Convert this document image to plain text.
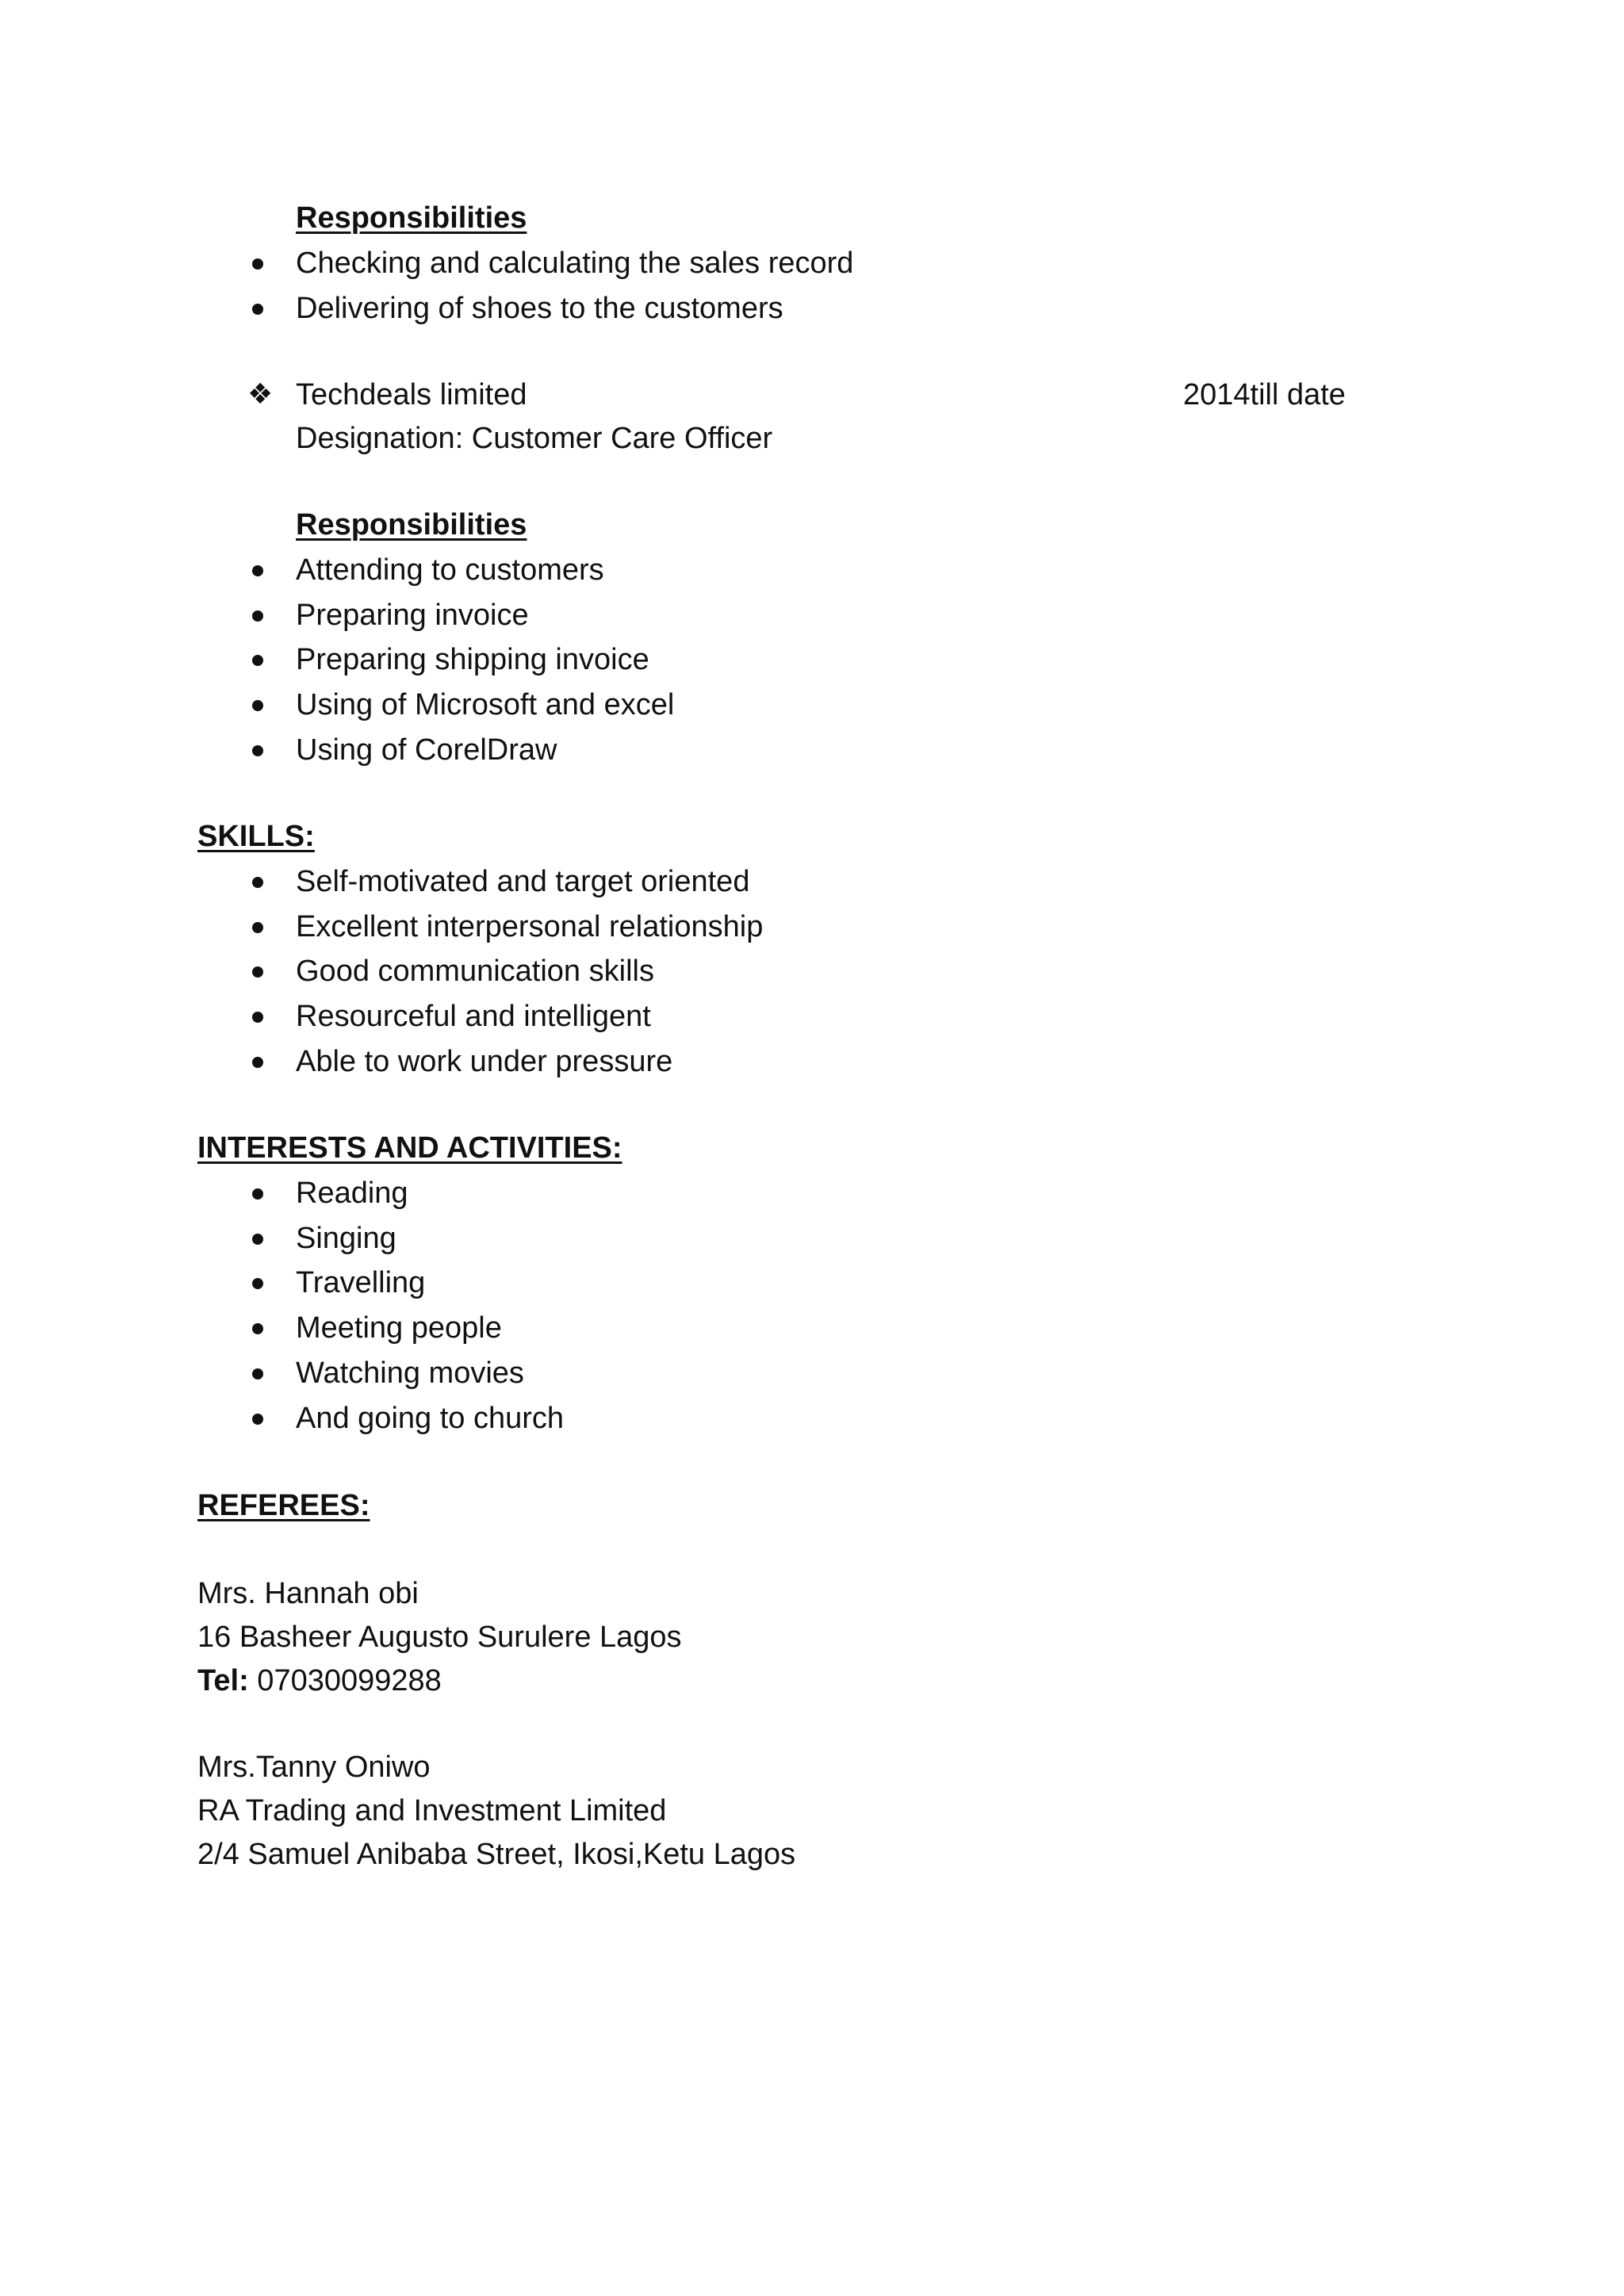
Responsibilities
Checking and calculating the sales record
Delivering of shoes to the customers
❖ Techdeals limited	2014till date
Designation: Customer Care Officer
Responsibilities
Attending to customers
Preparing invoice
Preparing shipping invoice
Using of Microsoft and excel
Using of CorelDraw
SKILLS:
Self-motivated and target oriented
Excellent interpersonal relationship
Good communication skills
Resourceful and intelligent
Able to work under pressure
INTERESTS AND ACTIVITIES:
Reading
Singing
Travelling
Meeting people
Watching movies
And going to church
REFEREES:
Mrs. Hannah obi
16 Basheer Augusto Surulere Lagos
Tel: 07030099288
Mrs.Tanny Oniwo
RA Trading and Investment Limited
2/4 Samuel Anibaba Street, Ikosi,Ketu Lagos
